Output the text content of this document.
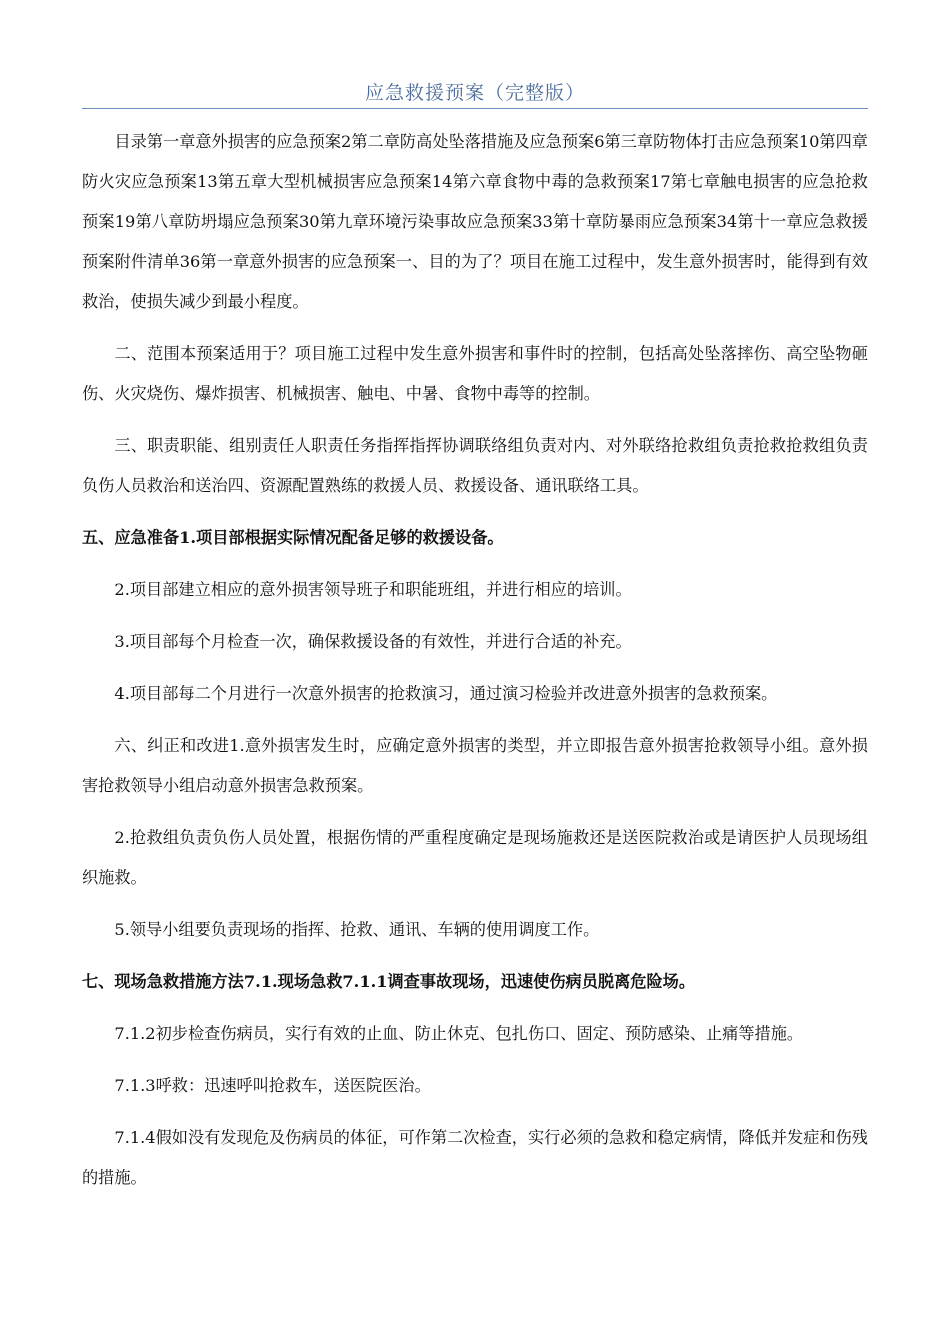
应急救援预案（完整版）

目录第一章意外损害的应急预案2第二章防高处坠落措施及应急预案6第三章防物体打击应急预案10第四章防火灾应急预案13第五章大型机械损害应急预案14第六章食物中毒的急救预案17第七章触电损害的应急抢救预案19第八章防坍塌应急预案30第九章环境污染事故应急预案33第十章防暴雨应急预案34第十一章应急救援预案附件清单36第一章意外损害的应急预案一、目的为了？项目在施工过程中，发生意外损害时，能得到有效救治，使损失减少到最小程度。

二、范围本预案适用于？项目施工过程中发生意外损害和事件时的控制，包括高处坠落摔伤、高空坠物砸伤、火灾烧伤、爆炸损害、机械损害、触电、中暑、食物中毒等的控制。

三、职责职能、组别责任人职责任务指挥指挥协调联络组负责对内、对外联络抢救组负责抢救抢救组负责负伤人员救治和送治四、资源配置熟练的救援人员、救援设备、通讯联络工具。

五、应急准备1.项目部根据实际情况配备足够的救援设备。

2.项目部建立相应的意外损害领导班子和职能班组，并进行相应的培训。

3.项目部每个月检查一次，确保救援设备的有效性，并进行合适的补充。

4.项目部每二个月进行一次意外损害的抢救演习，通过演习检验并改进意外损害的急救预案。

六、纠正和改进1.意外损害发生时，应确定意外损害的类型，并立即报告意外损害抢救领导小组。意外损害抢救领导小组启动意外损害急救预案。

2.抢救组负责负伤人员处置，根据伤情的严重程度确定是现场施救还是送医院救治或是请医护人员现场组织施救。

5.领导小组要负责现场的指挥、抢救、通讯、车辆的使用调度工作。

七、现场急救措施方法7.1.现场急救7.1.1调查事故现场，迅速使伤病员脱离危险场。

7.1.2初步检查伤病员，实行有效的止血、防止休克、包扎伤口、固定、预防感染、止痛等措施。

7.1.3呼救：迅速呼叫抢救车，送医院医治。

7.1.4假如没有发现危及伤病员的体征，可作第二次检查，实行必须的急救和稳定病情，降低并发症和伤残的措施。
